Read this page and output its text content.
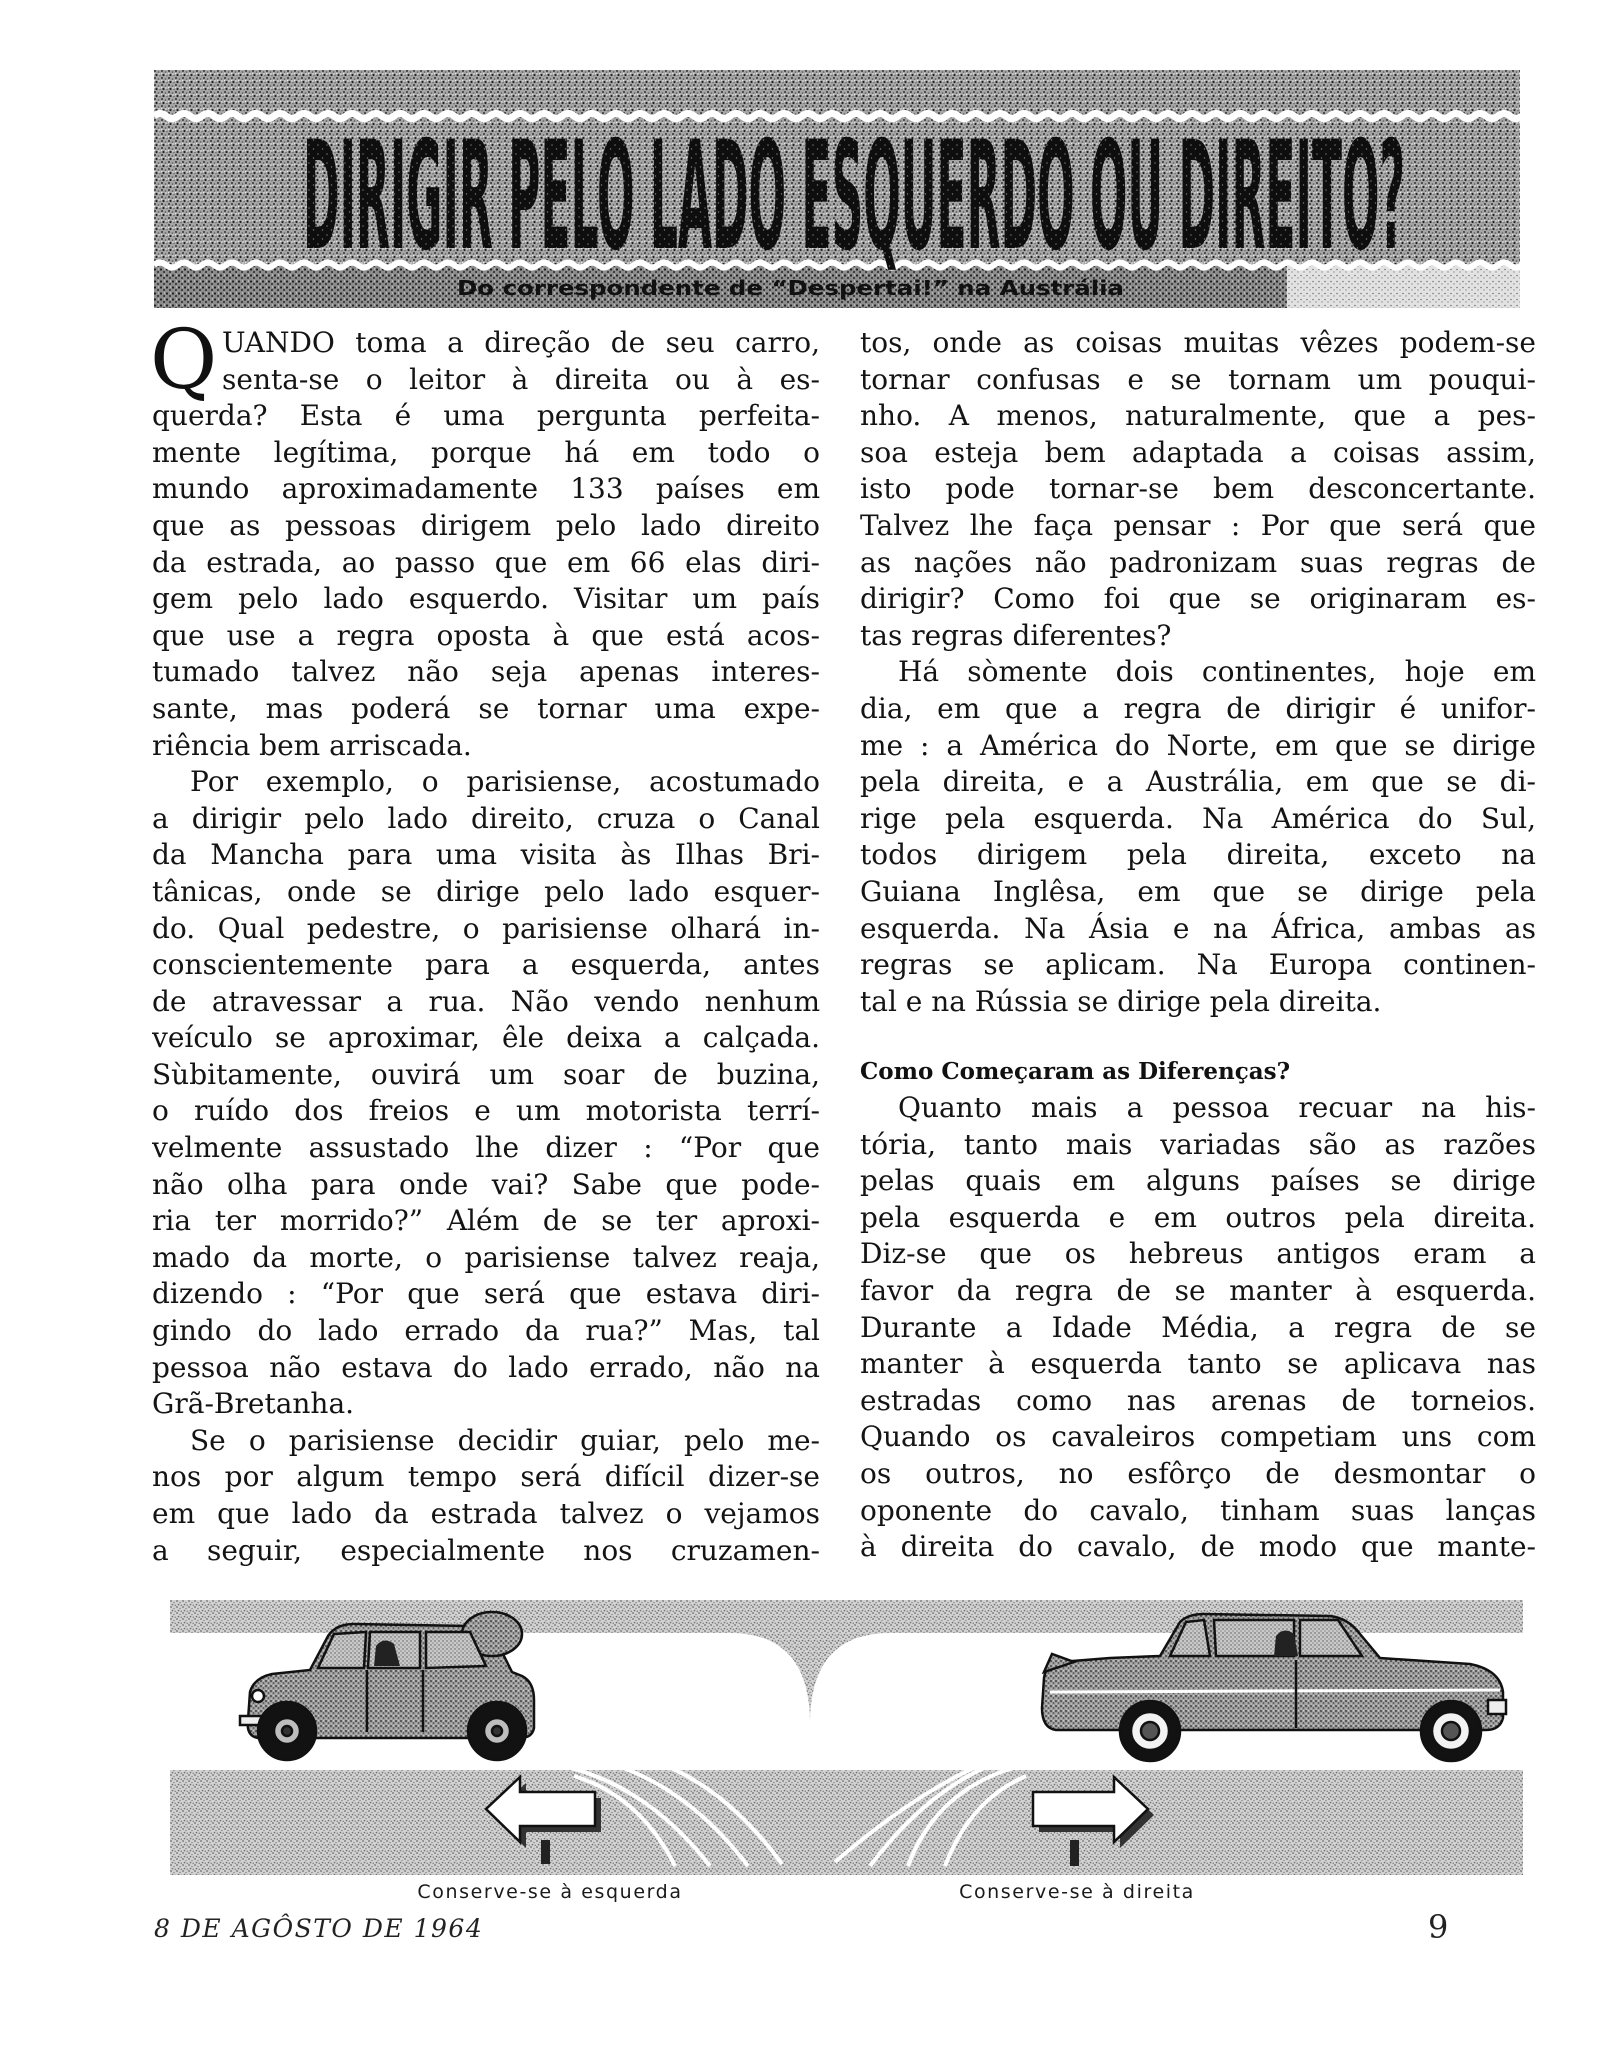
DIRIGIR PELO LADO ESQUERDO OU DIREITO?
Do correspondente de “Despertai!” na Austrália
Q UANDO toma a direção de seu carro,
senta-se o leitor à direita ou à es-
querda? Esta é uma pergunta perfeita-
mente legítima, porque há em todo o
mundo aproximadamente 133 países em
que as pessoas dirigem pelo lado direito
da estrada, ao passo que em 66 elas diri-
gem pelo lado esquerdo. Visitar um país
que use a regra oposta à que está acos-
tumado talvez não seja apenas interes-
sante, mas poderá se tornar uma expe-
riência bem arriscada.
Por exemplo, o parisiense, acostumado
a dirigir pelo lado direito, cruza o Canal
da Mancha para uma visita às Ilhas Bri-
tânicas, onde se dirige pelo lado esquer-
do. Qual pedestre, o parisiense olhará in-
conscientemente para a esquerda, antes
de atravessar a rua. Não vendo nenhum
veículo se aproximar, êle deixa a calçada.
Sùbitamente, ouvirá um soar de buzina,
o ruído dos freios e um motorista terrí-
velmente assustado lhe dizer : “Por que
não olha para onde vai? Sabe que pode-
ria ter morrido?” Além de se ter aproxi-
mado da morte, o parisiense talvez reaja,
dizendo : “Por que será que estava diri-
gindo do lado errado da rua?” Mas, tal
pessoa não estava do lado errado, não na
Grã-Bretanha.
Se o parisiense decidir guiar, pelo me-
nos por algum tempo será difícil dizer-se
em que lado da estrada talvez o vejamos
a seguir, especialmente nos cruzamen-
tos, onde as coisas muitas vêzes podem-se
tornar confusas e se tornam um pouqui-
nho. A menos, naturalmente, que a pes-
soa esteja bem adaptada a coisas assim,
isto pode tornar-se bem desconcertante.
Talvez lhe faça pensar : Por que será que
as nações não padronizam suas regras de
dirigir? Como foi que se originaram es-
tas regras diferentes?
Há sòmente dois continentes, hoje em
dia, em que a regra de dirigir é unifor-
me : a América do Norte, em que se dirige
pela direita, e a Austrália, em que se di-
rige pela esquerda. Na América do Sul,
todos dirigem pela direita, exceto na
Guiana Inglêsa, em que se dirige pela
esquerda. Na Ásia e na África, ambas as
regras se aplicam. Na Europa continen-
tal e na Rússia se dirige pela direita.
Como Começaram as Diferenças?
Quanto mais a pessoa recuar na his-
tória, tanto mais variadas são as razões
pelas quais em alguns países se dirige
pela esquerda e em outros pela direita.
Diz-se que os hebreus antigos eram a
favor da regra de se manter à esquerda.
Durante a Idade Média, a regra de se
manter à esquerda tanto se aplicava nas
estradas como nas arenas de torneios.
Quando os cavaleiros competiam uns com
os outros, no esfôrço de desmontar o
oponente do cavalo, tinham suas lanças
à direita do cavalo, de modo que mante-
Conserve-se à esquerda	Conserve-se à direita
8 DE AGÔSTO DE 1964	9
